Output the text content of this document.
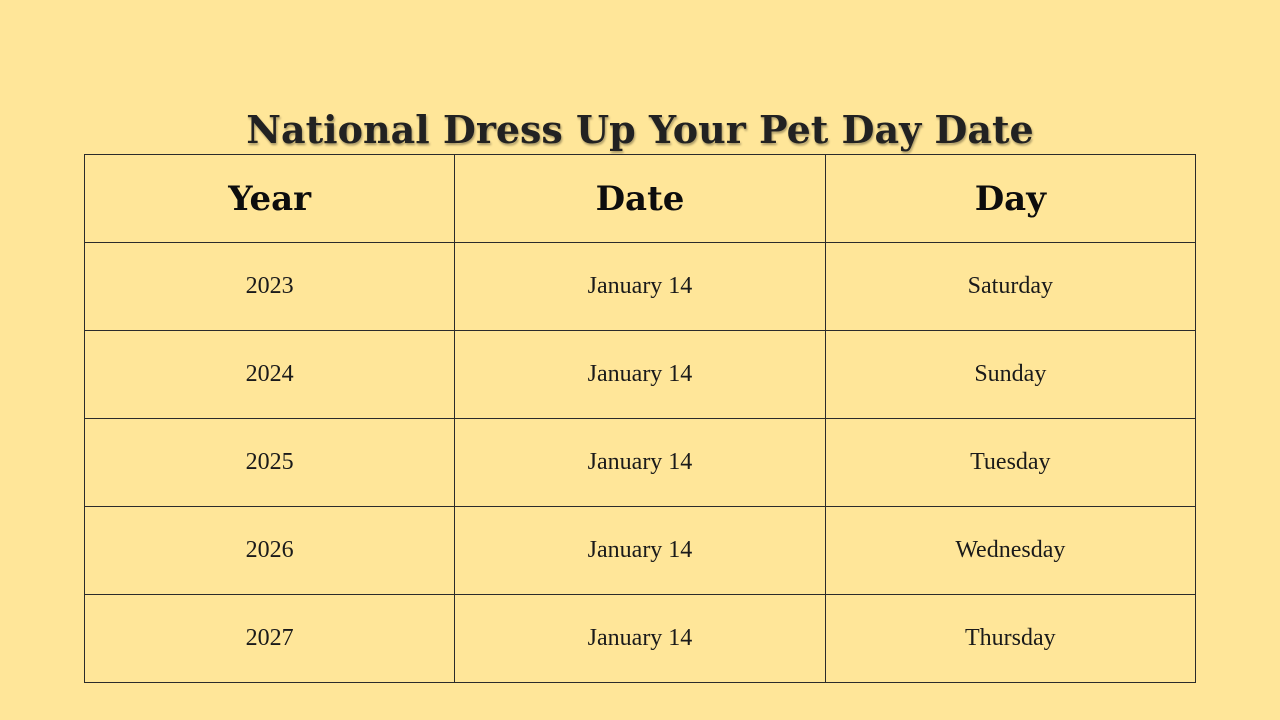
National Dress Up Your Pet Day Date
Year	Date	Day
2023	January 14	Saturday
2024	January 14	Sunday
2025	January 14	Tuesday
2026	January 14	Wednesday
2027	January 14	Thursday
